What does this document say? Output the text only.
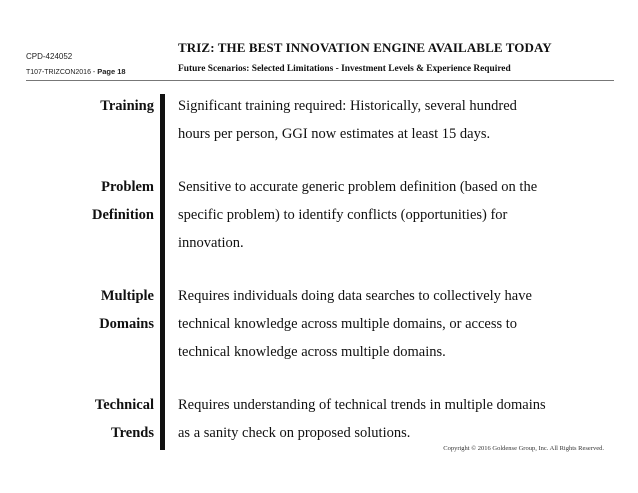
CPD-424052
T107-TRIZCON2016 - Page 18
TRIZ: THE BEST INNOVATION ENGINE AVAILABLE TODAY
Future Scenarios: Selected Limitations - Investment Levels & Experience Required
Training Significant training required: Historically, several hundred
hours per person, GGI now estimates at least 15 days.
Problem
Definition
Sensitive to accurate generic problem definition (based on the
specific problem) to identify conflicts (opportunities) for
innovation.
Multiple
Domains
Requires individuals doing data searches to collectively have
technical knowledge across multiple domains, or access to
technical knowledge across multiple domains.
Technical
Trends
Requires understanding of technical trends in multiple domains
as a sanity check on proposed solutions.
Copyright © 2016 Goldense Group, Inc. All Rights Reserved.
